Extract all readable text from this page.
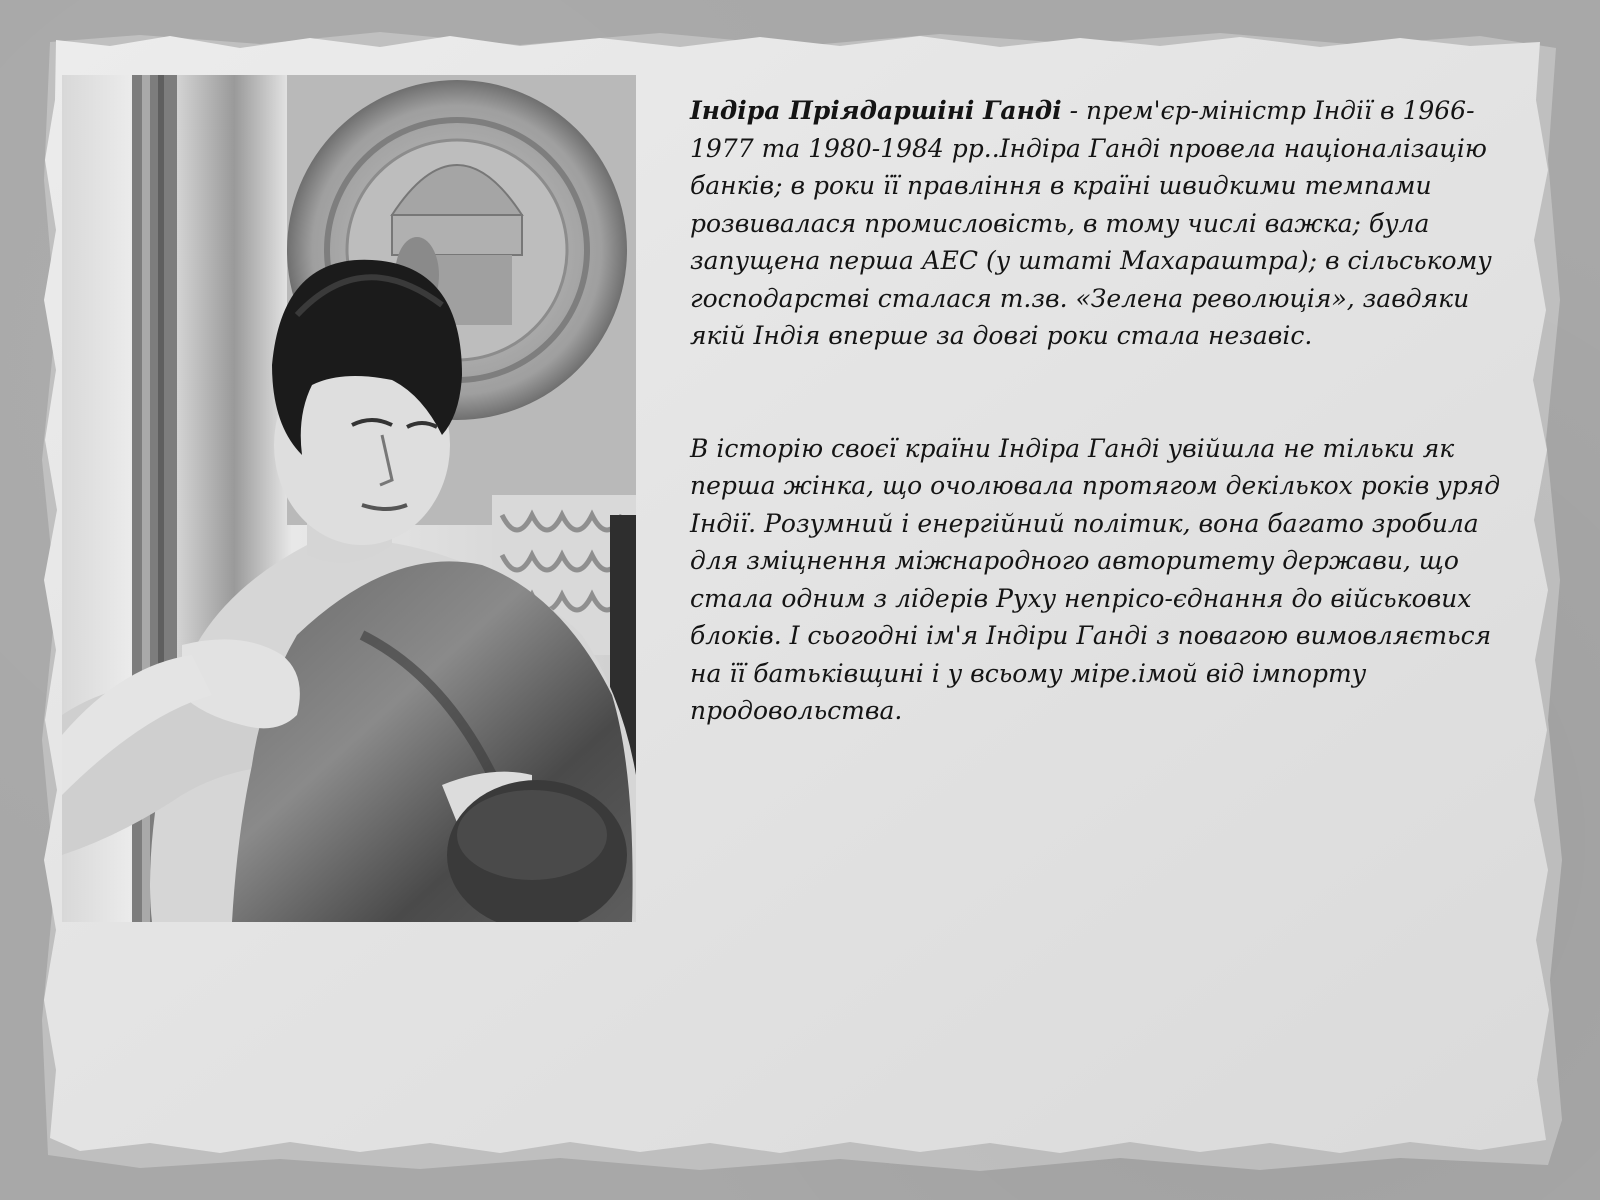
Індіра Пріядаршіні Ганді - прем'єр-міністр Індії в 1966-1977 та 1980-1984 рр..Індіра Ганді провела націоналізацію банків; в роки її правління в країні швидкими темпами розвивалася промисловість, в тому числі важка; була запущена перша АЕС (у штаті Махараштра); в сільському господарстві сталася т.зв. «Зелена революція», завдяки якій Індія вперше за довгі роки стала незавіс.

В історію своєї країни Індіра Ганді увійшла не тільки як перша жінка, що очолювала протягом декількох років уряд Індії. Розумний і енергійний політик, вона багато зробила для зміцнення міжнародного авторитету держави, що стала одним з лідерів Руху непрісо-єднання до військових блоків. І сьогодні ім'я Індіри Ганді з повагою вимовляється на її батьківщині і у всьому міре.імой від імпорту продовольства.
